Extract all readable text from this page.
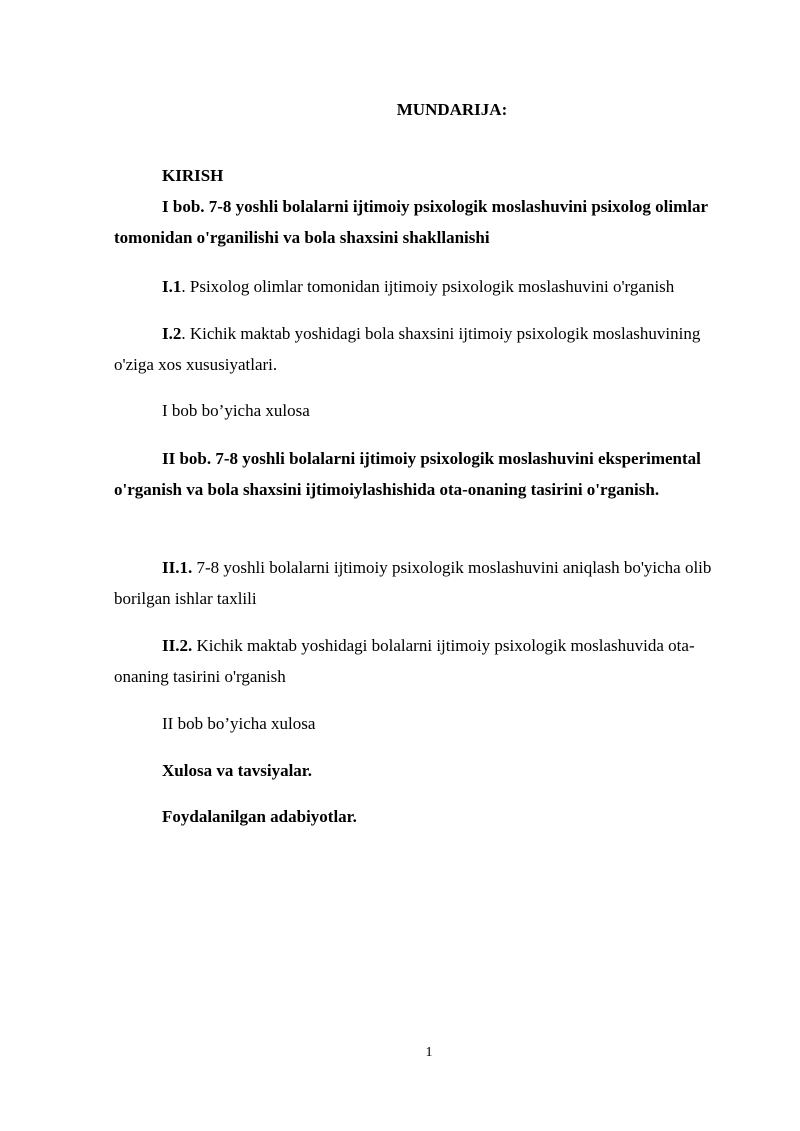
MUNDARIJA:

KIRISH

I bob. 7-8 yoshli bolalarni ijtimoiy psixologik moslashuvini psixolog olimlar tomonidan o'rganilishi va bola shaxsini shakllanishi

I.1. Psixolog olimlar tomonidan ijtimoiy psixologik moslashuvini o'rganish

I.2. Kichik maktab yoshidagi bola shaxsini ijtimoiy psixologik moslashuvining o'ziga xos xususiyatlari.

I bob bo’yicha xulosa

II bob. 7-8 yoshli bolalarni ijtimoiy psixologik moslashuvini eksperimental o'rganish va bola shaxsini ijtimoiylashishida ota-onaning tasirini o'rganish.

II.1. 7-8 yoshli bolalarni ijtimoiy psixologik moslashuvini aniqlash bo'yicha olib borilgan ishlar taxlili

II.2. Kichik maktab yoshidagi bolalarni ijtimoiy psixologik moslashuvida ota-onaning tasirini o'rganish

II bob bo’yicha xulosa

Xulosa va tavsiyalar.

Foydalanilgan adabiyotlar.

1
